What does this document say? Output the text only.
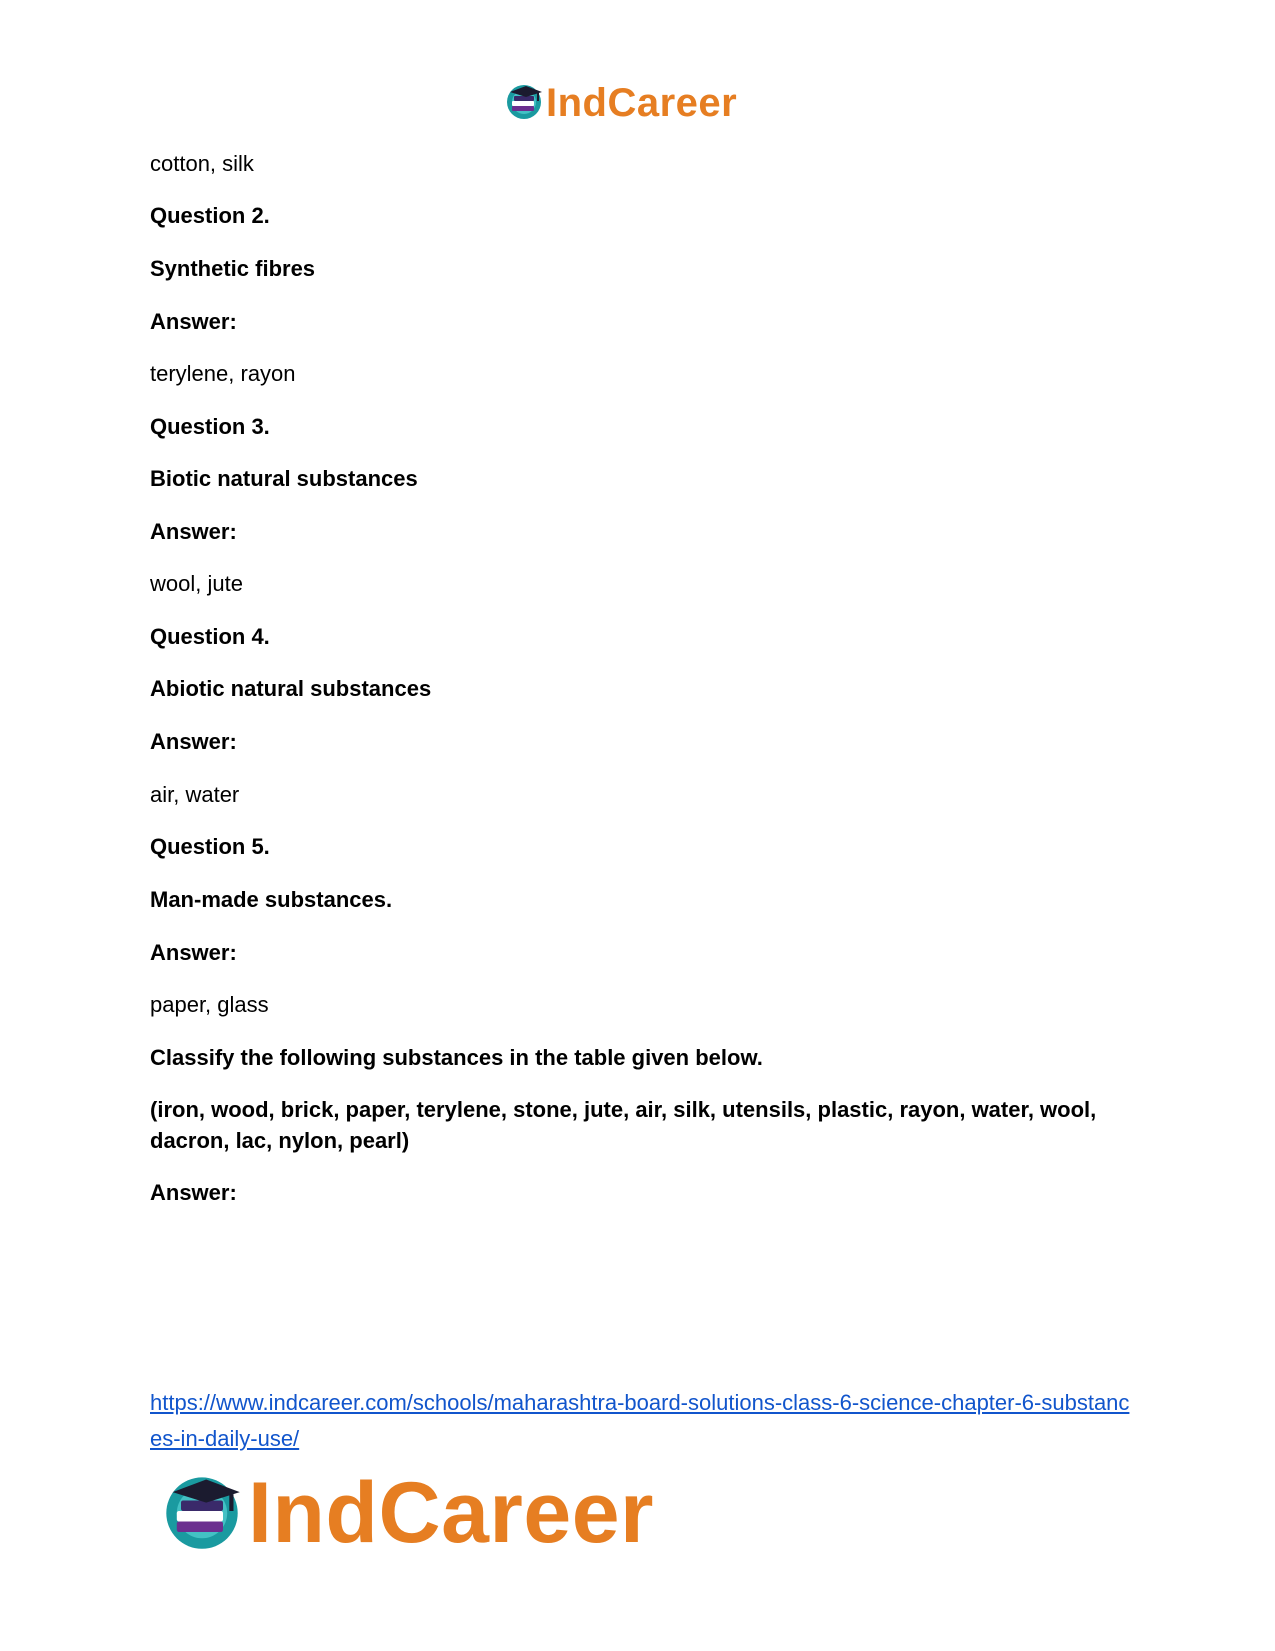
IndCareer
cotton, silk
Question 2.
Synthetic fibres
Answer:
terylene, rayon
Question 3.
Biotic natural substances
Answer:
wool, jute
Question 4.
Abiotic natural substances
Answer:
air, water
Question 5.
Man-made substances.
Answer:
paper, glass
Classify the following substances in the table given below.
(iron, wood, brick, paper, terylene, stone, jute, air, silk, utensils, plastic, rayon, water, wool, dacron, lac, nylon, pearl)
Answer:
https://www.indcareer.com/schools/maharashtra-board-solutions-class-6-science-chapter-6-substances-in-daily-use/
IndCareer
